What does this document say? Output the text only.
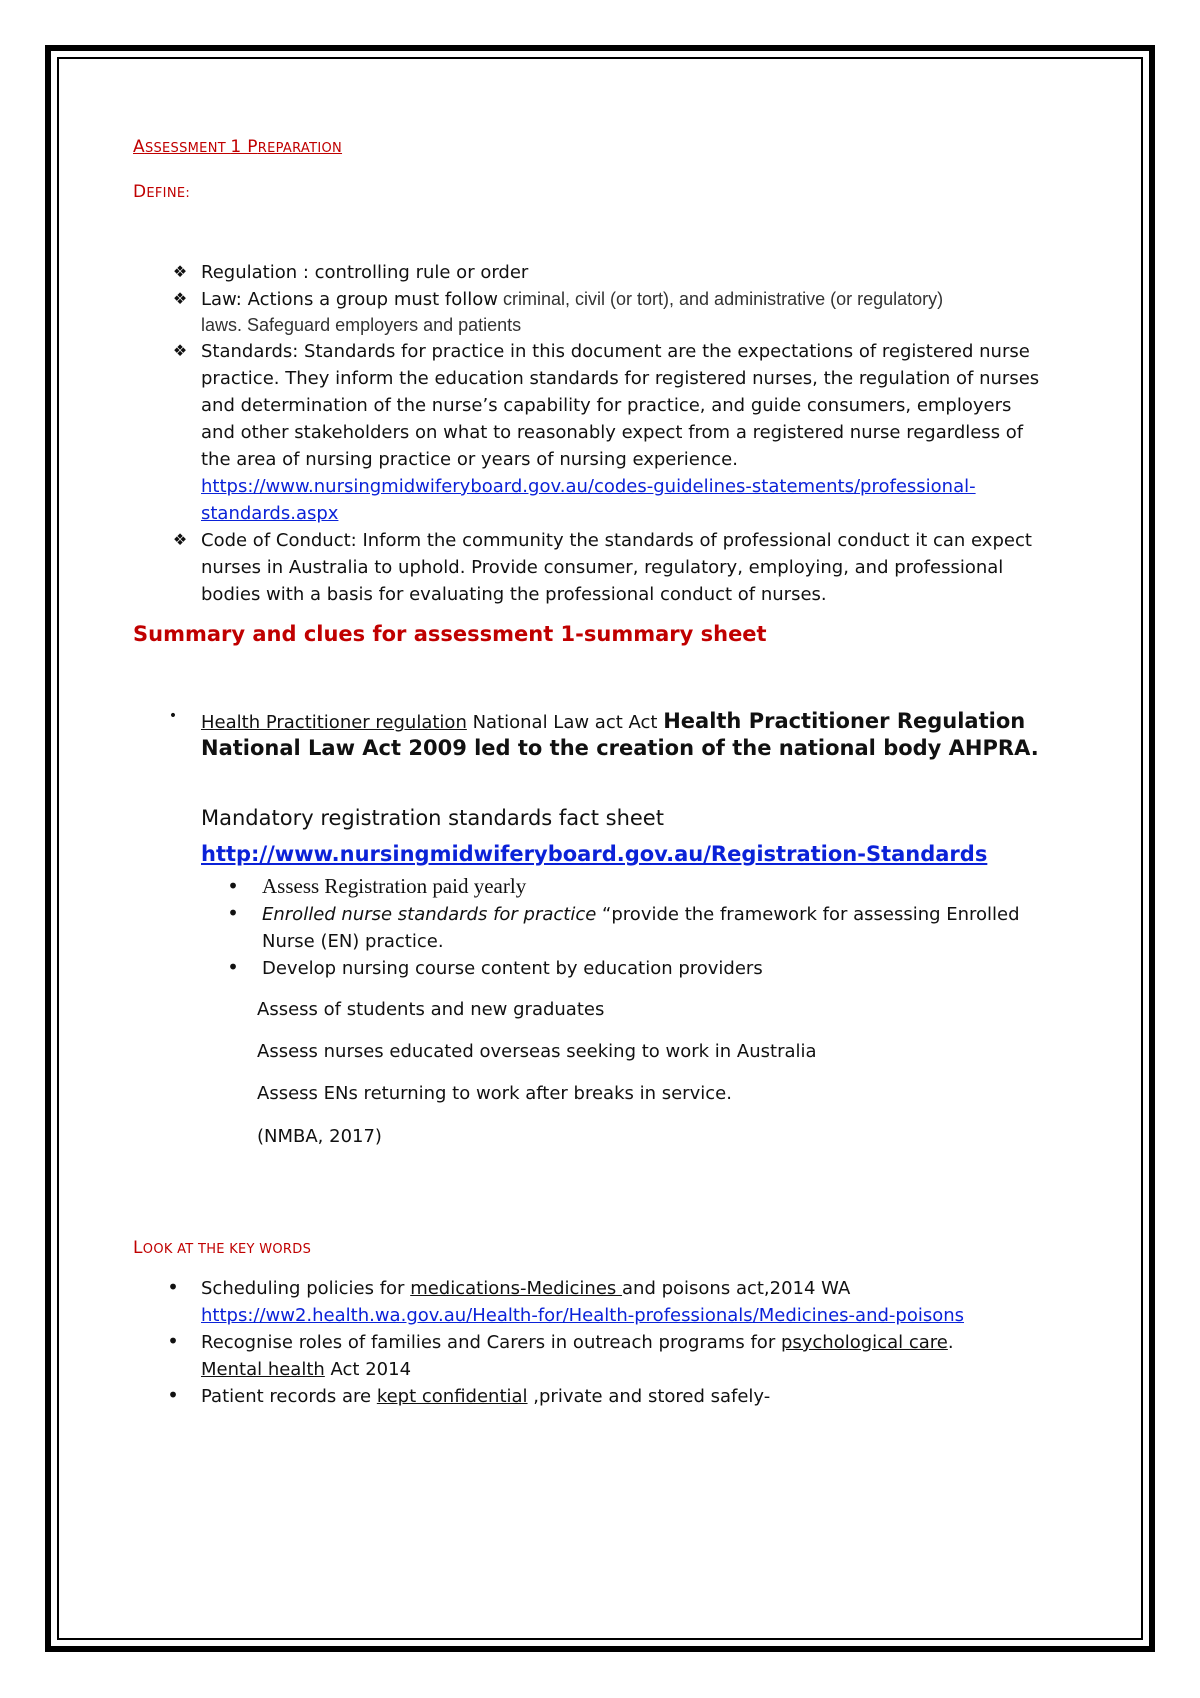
ASSESSMENT 1 PREPARATION
DEFINE:
❖ Regulation : controlling rule or order
❖ Law: Actions a group must follow criminal, civil (or tort), and administrative (or regulatory)
laws. Safeguard employers and patients
❖ Standards: Standards for practice in this document are the expectations of registered nurse
practice. They inform the education standards for registered nurses, the regulation of nurses
and determination of the nurse’s capability for practice, and guide consumers, employers
and other stakeholders on what to reasonably expect from a registered nurse regardless of
the area of nursing practice or years of nursing experience.
https://www.nursingmidwiferyboard.gov.au/codes-guidelines-statements/professional-
standards.aspx
❖ Code of Conduct: Inform the community the standards of professional conduct it can expect
nurses in Australia to uphold. Provide consumer, regulatory, employing, and professional
bodies with a basis for evaluating the professional conduct of nurses.
Summary and clues for assessment 1-summary sheet
•	Health Practitioner regulation National Law act Act Health Practitioner Regulation
National Law Act 2009 led to the creation of the national body AHPRA.
Mandatory registration standards fact sheet
http://www.nursingmidwiferyboard.gov.au/Registration-Standards
• Assess Registration paid yearly
• Enrolled nurse standards for practice “provide the framework for assessing Enrolled
Nurse (EN) practice.
• Develop nursing course content by education providers
Assess of students and new graduates
Assess nurses educated overseas seeking to work in Australia
Assess ENs returning to work after breaks in service.
(NMBA, 2017)
LOOK AT THE KEY WORDS
• Scheduling policies for medications-Medicines and poisons act,2014 WA
https://ww2.health.wa.gov.au/Health-for/Health-professionals/Medicines-and-poisons
• Recognise roles of families and Carers in outreach programs for psychological care.
Mental health Act 2014
• Patient records are kept confidential ,private and stored safely-
